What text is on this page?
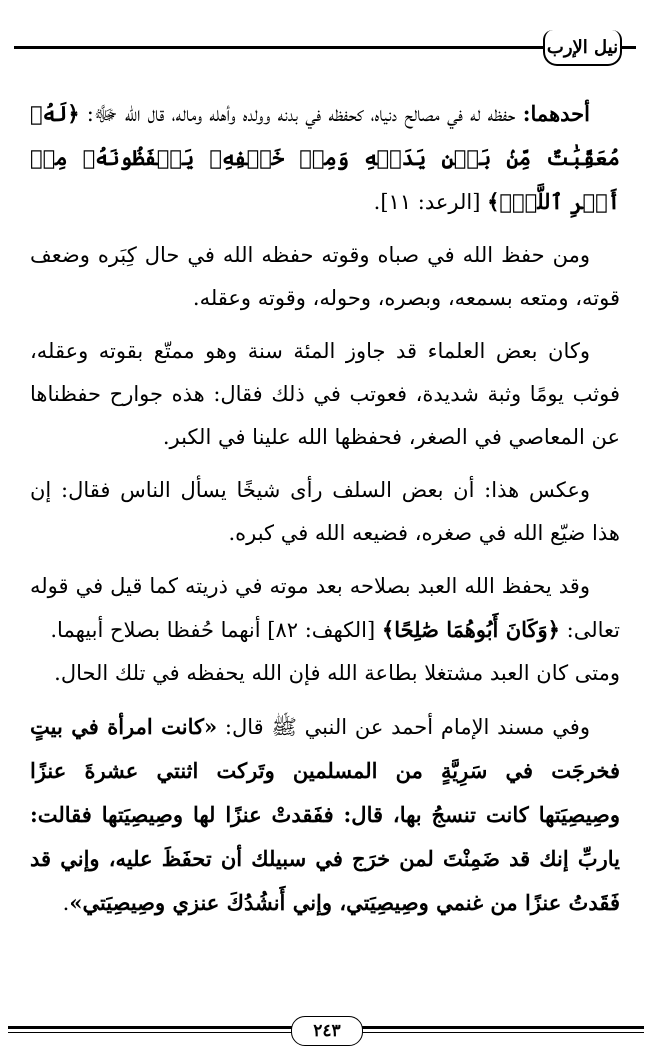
نيل الإرب

أحدهما: حفظه له في مصالح دنياه، كحفظه في بدنه وولده وأهله وماله، قال الله ﷻ: ﴿لَهُۥ مُعَقِّبَٰتٌ مِّنۢ بَيۡنِ يَدَيۡهِ وَمِنۡ خَلۡفِهِۦ يَحۡفَظُونَهُۥ مِنۡ أَمۡرِ ٱللَّهِۗ﴾ [الرعد: ١١].

ومن حفظ الله في صباه وقوته حفظه الله في حال كِبَره وضعف قوته، ومتعه بسمعه، وبصره، وحوله، وقوته وعقله.

وكان بعض العلماء قد جاوز المئة سنة وهو ممتّع بقوته وعقله، فوثب يومًا وثبة شديدة، فعوتب في ذلك فقال: هذه جوارح حفظناها عن المعاصي في الصغر، فحفظها الله علينا في الكبر.

وعكس هذا: أن بعض السلف رأى شيخًا يسأل الناس فقال: إن هذا ضيّع الله في صغره، فضيعه الله في كبره.

وقد يحفظ الله العبد بصلاحه بعد موته في ذريته كما قيل في قوله تعالى: ﴿وَكَانَ أَبُوهُمَا صَٰلِحًا﴾ [الكهف: ٨٢] أنهما حُفظا بصلاح أبيهما.

ومتى كان العبد مشتغلا بطاعة الله فإن الله يحفظه في تلك الحال.

وفي مسند الإمام أحمد عن النبي ﷺ قال: «كانت امرأة في بيتٍ فخرجَت في سَرِيَّةٍ من المسلمين وتَركت اثنتي عشرةَ عنزًا وصِيصِيَتها كانت تنسجُ بها، قال: ففَقدتْ عنزًا لها وصِيصِيَتها فقالت: ياربِّ إنك قد ضَمِنْتَ لمن خرَج في سبيلك أن تحفَظَ عليه، وإني قد فَقَدتُ عنزًا من غنمي وصِيصِيَتي، وإني أَنشُدُكَ عنزي وصِيصِيَتي».

٢٤٣
